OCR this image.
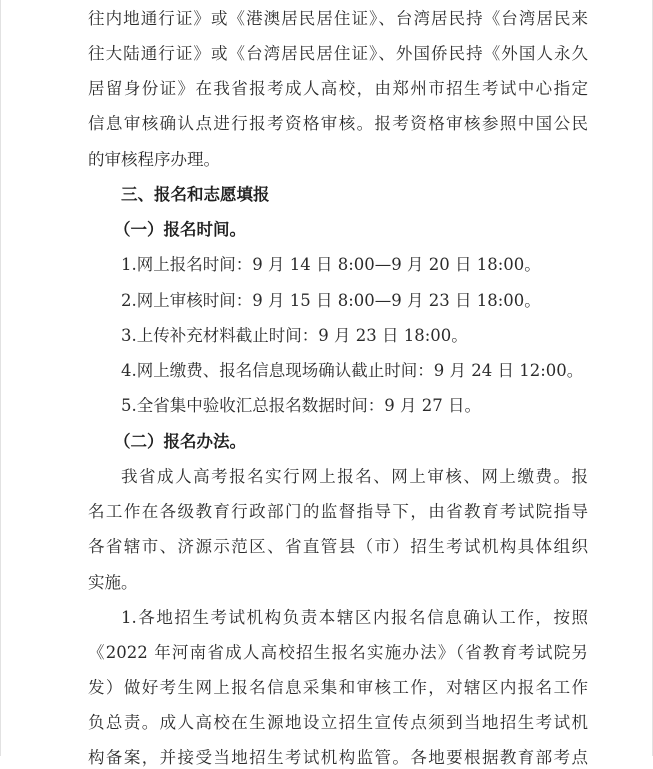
往内地通行证》或《港澳居民居住证》、台湾居民持《台湾居民来
往大陆通行证》或《台湾居民居住证》、外国侨民持《外国人永久
居留身份证》在我省报考成人高校，由郑州市招生考试中心指定
信息审核确认点进行报考资格审核。报考资格审核参照中国公民
的审核程序办理。
三、报名和志愿填报
（一）报名时间。
1.网上报名时间：9 月 14 日 8:00—9 月 20 日 18:00。
2.网上审核时间：9 月 15 日 8:00—9 月 23 日 18:00。
3.上传补充材料截止时间：9 月 23 日 18:00。
4.网上缴费、报名信息现场确认截止时间：9 月 24 日 12:00。
5.全省集中验收汇总报名数据时间：9 月 27 日。
（二）报名办法。
我省成人高考报名实行网上报名、网上审核、网上缴费。报
名工作在各级教育行政部门的监督指导下，由省教育考试院指导
各省辖市、济源示范区、省直管县（市）招生考试机构具体组织
实施。
1.各地招生考试机构负责本辖区内报名信息确认工作，按照
《2022 年河南省成人高校招生报名实施办法》（省教育考试院另
发）做好考生网上报名信息采集和审核工作，对辖区内报名工作
负总责。成人高校在生源地设立招生宣传点须到当地招生考试机
构备案，并接受当地招生考试机构监管。各地要根据教育部考点
